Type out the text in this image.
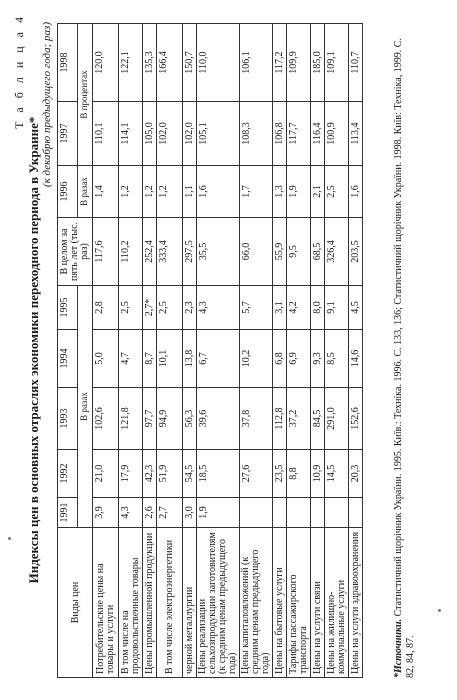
Т а б л и ц а 4
Индексы цен в основных отраслях экономики переходного периода в Украине*
(к декабрю предыдущего года; раз)
Виды цен	1991	1992	1993	1994	1995	В целом за пять лет (тыс. раз)	1996	1997	1998
	В разах						В разах	В процентах	
Потребительские цены на товары и услуги	3,9	21,0	102,6	5,0	2,8	117,6	1,4	110,1	120,0
В том числе на продовольственные товары	4,3	17,9	121,8	4,7	2,5	110,2	1,2	114,1	122,1
Цены промышленной продукции	2,6	42,3	97,7	8,7	2,7*	252,4	1,2	105,0	135,3
В том числе электроэнергетики	2,7	51,9	94,9	10,1	2,5	333,4	1,2	102,0	166,4
черной металлургии	3,0	54,5	56,3	13,8	2,3	297,5	1,1	102,0	150,7
Цены реализации сельхозпродукции заготовителям (к средним ценам предыдущего года)	1,9	18,5	39,6	6,7	4,3	35,5	1,6	105,1	110,0
Цены капиталовложений (к средним ценам предыдущего года)		27,6	37,8	10,2	5,7	66,0	1,7	108,3	106,1
Цены на бытовые услуги		23,5	112,8	6,8	3,1	55,9	1,3	106,8	117,2
Тарифы пассажирского транспорта		8,8	37,2	6,9	4,2	9,5	1,9	117,7	109,9
Цены на услуги связи		10,9	84,5	9,3	8,0	68,5	2,1	116,4	185,0
Цены на жилищно-коммунальные услуги		14,5	291,0	8,5	9,1	326,4	2,5	100,9	109,1
Цены на услуги здравоохранения		20,3	152,6	14,6	4,5	203,5	1,6	113,4	110,7
*Источники. Статистичний щорічник України. 1995. Київ.: Техніка. 1996. С. 133, 136; Статистичний щорічник України. 1998. Київ: Техніка, 1999. С. 82, 84, 87.
